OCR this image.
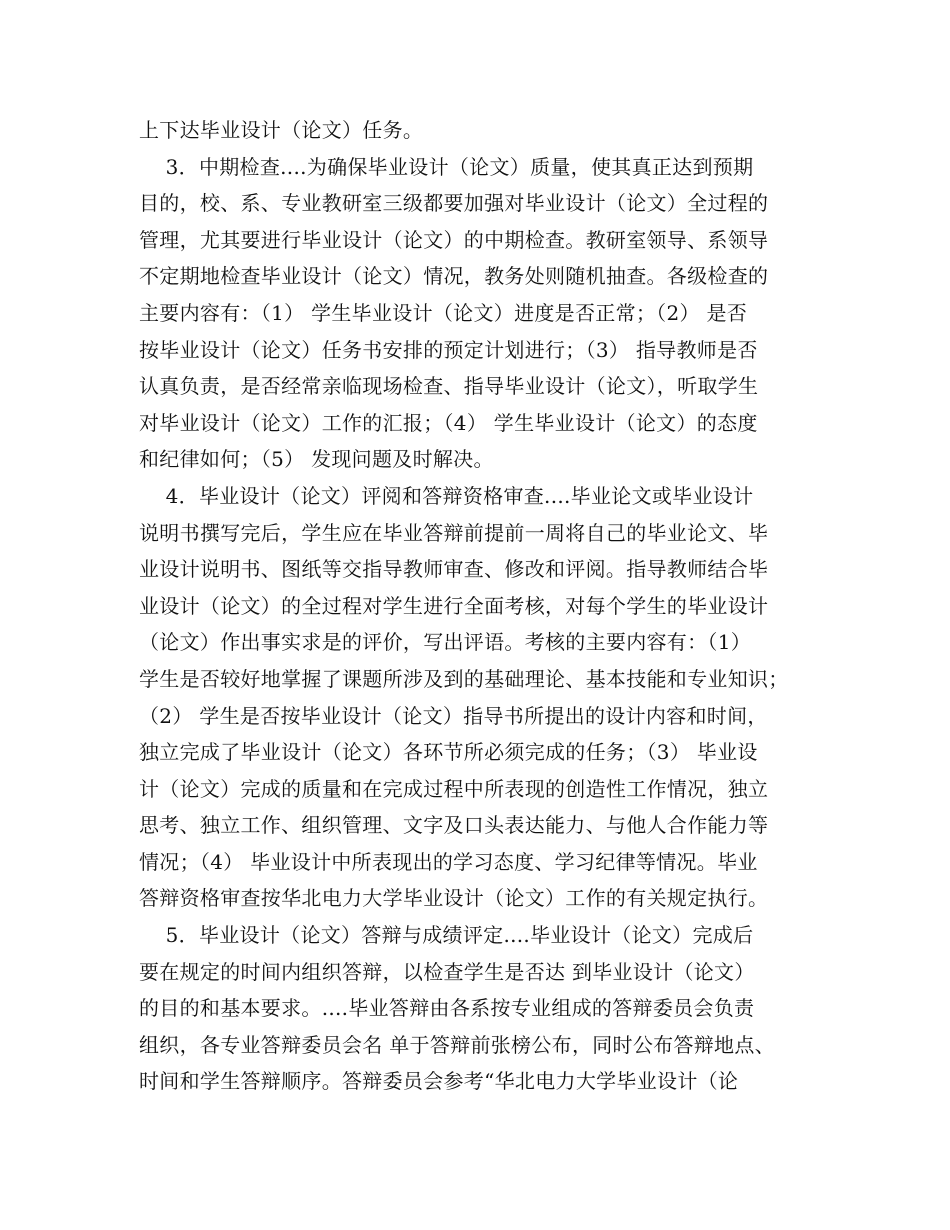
上下达毕业设计（论文）任务。
3．中期检查....为确保毕业设计（论文）质量，使其真正达到预期
目的，校、系、专业教研室三级都要加强对毕业设计（论文）全过程的
管理，尤其要进行毕业设计（论文）的中期检查。教研室领导、系领导
不定期地检查毕业设计（论文）情况，教务处则随机抽查。各级检查的
主要内容有：（1） 学生毕业设计（论文）进度是否正常；（2） 是否
按毕业设计（论文）任务书安排的预定计划进行；（3） 指导教师是否
认真负责，是否经常亲临现场检查、指导毕业设计（论文），听取学生
对毕业设计（论文）工作的汇报；（4） 学生毕业设计（论文）的态度
和纪律如何；（5） 发现问题及时解决。
4．毕业设计（论文）评阅和答辩资格审查....毕业论文或毕业设计
说明书撰写完后，学生应在毕业答辩前提前一周将自己的毕业论文、毕
业设计说明书、图纸等交指导教师审查、修改和评阅。指导教师结合毕
业设计（论文）的全过程对学生进行全面考核，对每个学生的毕业设计
（论文）作出事实求是的评价，写出评语。考核的主要内容有：（1）
学生是否较好地掌握了课题所涉及到的基础理论、基本技能和专业知识；
（2） 学生是否按毕业设计（论文）指导书所提出的设计内容和时间，
独立完成了毕业设计（论文）各环节所必须完成的任务；（3） 毕业设
计（论文）完成的质量和在完成过程中所表现的创造性工作情况，独立
思考、独立工作、组织管理、文字及口头表达能力、与他人合作能力等
情况；（4） 毕业设计中所表现出的学习态度、学习纪律等情况。毕业
答辩资格审查按华北电力大学毕业设计（论文）工作的有关规定执行。
5．毕业设计（论文）答辩与成绩评定....毕业设计（论文）完成后
要在规定的时间内组织答辩，以检查学生是否达 到毕业设计（论文）
的目的和基本要求。....毕业答辩由各系按专业组成的答辩委员会负责
组织，各专业答辩委员会名 单于答辩前张榜公布，同时公布答辩地点、
时间和学生答辩顺序。答辩委员会参考“华北电力大学毕业设计（论
